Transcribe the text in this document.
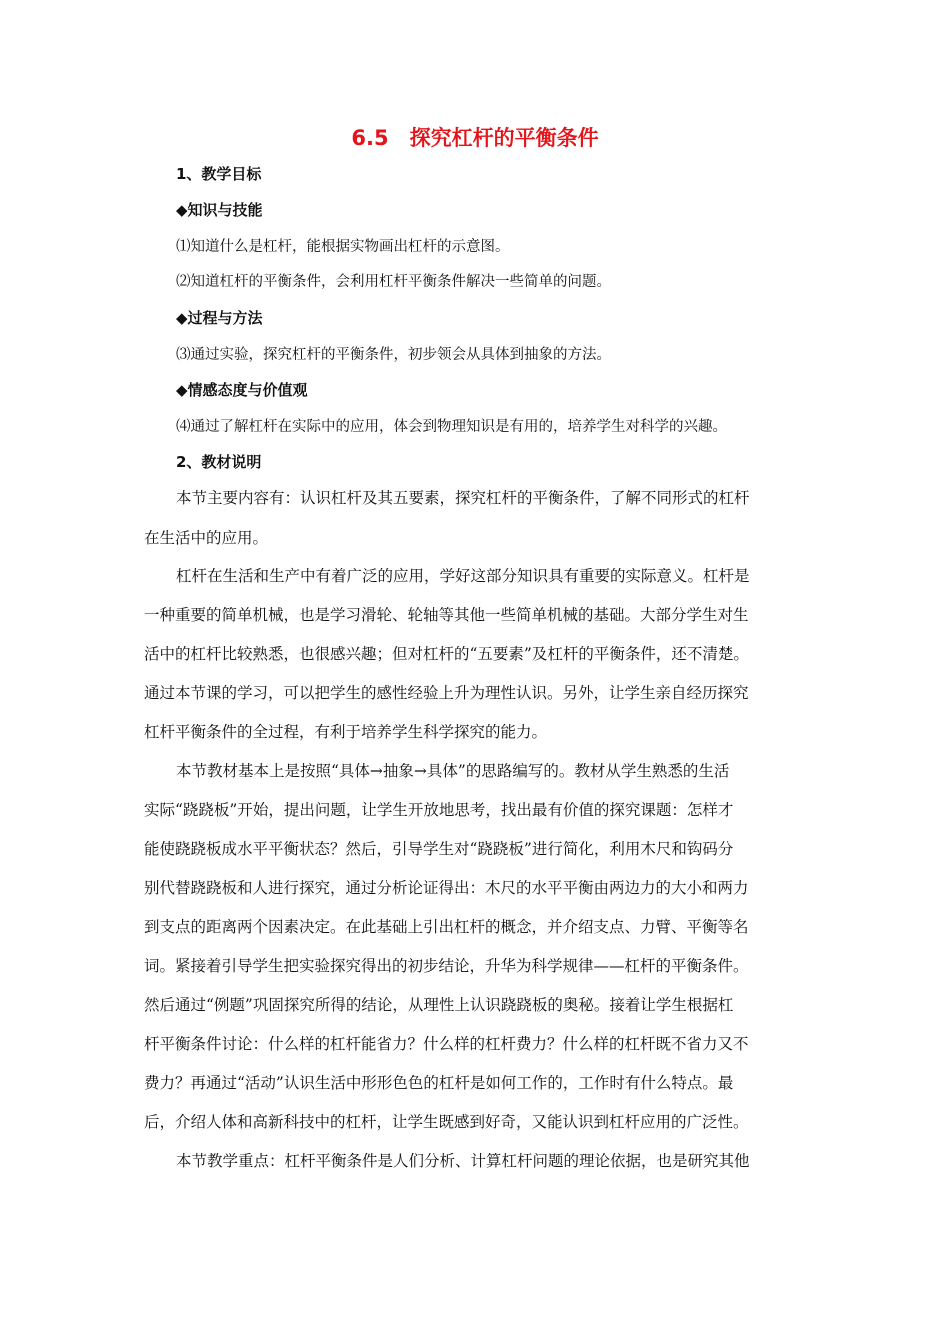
6.5　探究杠杆的平衡条件
1、教学目标
◆知识与技能
⑴知道什么是杠杆，能根据实物画出杠杆的示意图。
⑵知道杠杆的平衡条件，会利用杠杆平衡条件解决一些简单的问题。
◆过程与方法
⑶通过实验，探究杠杆的平衡条件，初步领会从具体到抽象的方法。
◆情感态度与价值观
⑷通过了解杠杆在实际中的应用，体会到物理知识是有用的，培养学生对科学的兴趣。
2、教材说明
本节主要内容有：认识杠杆及其五要素，探究杠杆的平衡条件，了解不同形式的杠杆
在生活中的应用。
杠杆在生活和生产中有着广泛的应用，学好这部分知识具有重要的实际意义。杠杆是
一种重要的简单机械，也是学习滑轮、轮轴等其他一些简单机械的基础。大部分学生对生
活中的杠杆比较熟悉，也很感兴趣；但对杠杆的“五要素”及杠杆的平衡条件，还不清楚。
通过本节课的学习，可以把学生的感性经验上升为理性认识。另外，让学生亲自经历探究
杠杆平衡条件的全过程，有利于培养学生科学探究的能力。
本节教材基本上是按照“具体→抽象→具体”的思路编写的。教材从学生熟悉的生活
实际“跷跷板”开始，提出问题，让学生开放地思考，找出最有价值的探究课题：怎样才
能使跷跷板成水平平衡状态？然后，引导学生对“跷跷板”进行简化，利用木尺和钩码分
别代替跷跷板和人进行探究，通过分析论证得出：木尺的水平平衡由两边力的大小和两力
到支点的距离两个因素决定。在此基础上引出杠杆的概念，并介绍支点、力臂、平衡等名
词。紧接着引导学生把实验探究得出的初步结论，升华为科学规律——杠杆的平衡条件。
然后通过“例题”巩固探究所得的结论，从理性上认识跷跷板的奥秘。接着让学生根据杠
杆平衡条件讨论：什么样的杠杆能省力？什么样的杠杆费力？什么样的杠杆既不省力又不
费力？再通过“活动”认识生活中形形色色的杠杆是如何工作的，工作时有什么特点。最
后，介绍人体和高新科技中的杠杆，让学生既感到好奇，又能认识到杠杆应用的广泛性。
本节教学重点：杠杆平衡条件是人们分析、计算杠杆问题的理论依据，也是研究其他
